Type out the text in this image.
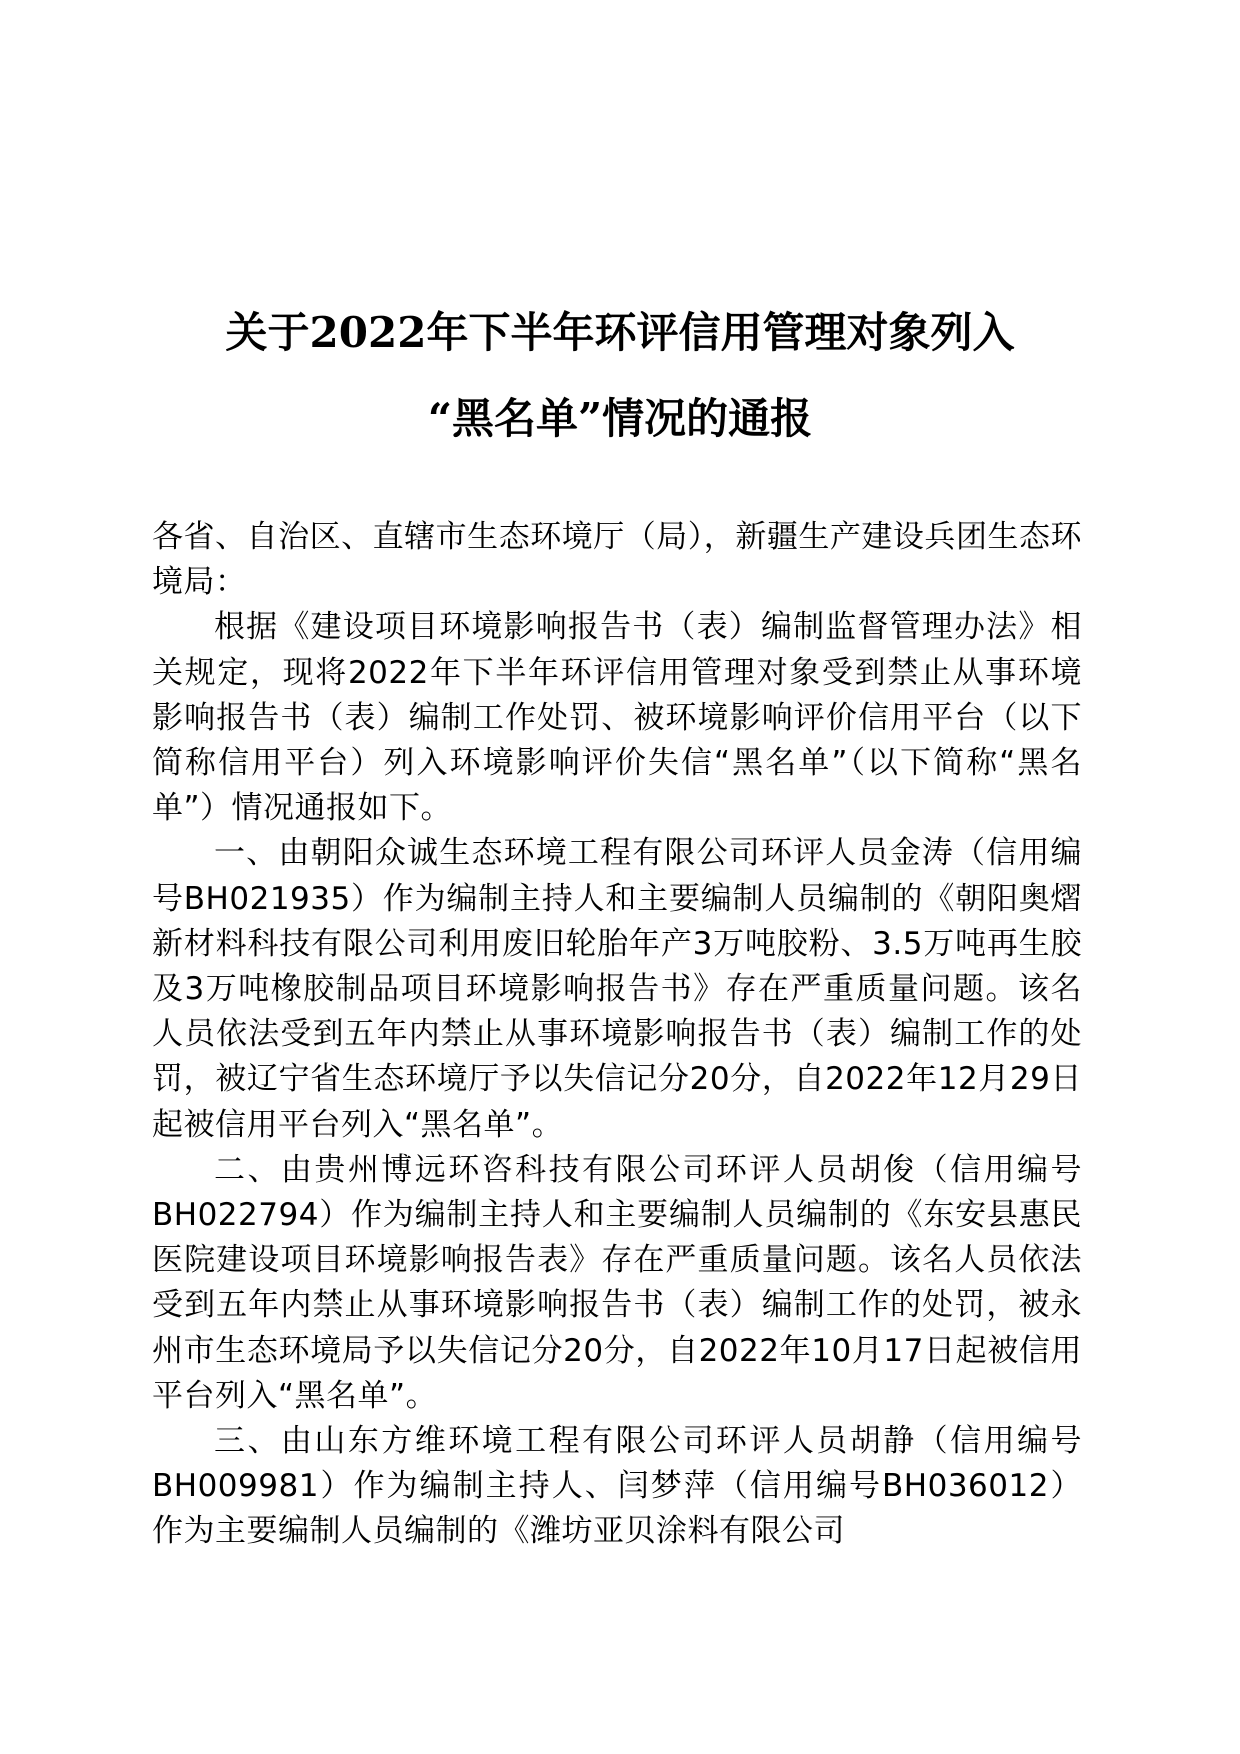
关于2022年下半年环评信用管理对象列入
“黑名单”情况的通报

各省、自治区、直辖市生态环境厅（局），新疆生产建设兵团生态环境局：

根据《建设项目环境影响报告书（表）编制监督管理办法》相关规定，现将2022年下半年环评信用管理对象受到禁止从事环境影响报告书（表）编制工作处罚、被环境影响评价信用平台（以下简称信用平台）列入环境影响评价失信“黑名单”（以下简称“黑名单”）情况通报如下。

一、由朝阳众诚生态环境工程有限公司环评人员金涛（信用编号BH021935）作为编制主持人和主要编制人员编制的《朝阳奥熠新材料科技有限公司利用废旧轮胎年产3万吨胶粉、3.5万吨再生胶及3万吨橡胶制品项目环境影响报告书》存在严重质量问题。该名人员依法受到五年内禁止从事环境影响报告书（表）编制工作的处罚，被辽宁省生态环境厅予以失信记分20分，自2022年12月29日起被信用平台列入“黑名单”。

二、由贵州博远环咨科技有限公司环评人员胡俊（信用编号BH022794）作为编制主持人和主要编制人员编制的《东安县惠民医院建设项目环境影响报告表》存在严重质量问题。该名人员依法受到五年内禁止从事环境影响报告书（表）编制工作的处罚，被永州市生态环境局予以失信记分20分，自2022年10月17日起被信用平台列入“黑名单”。

三、由山东方维环境工程有限公司环评人员胡静（信用编号BH009981）作为编制主持人、闫梦萍（信用编号BH036012）作为主要编制人员编制的《潍坊亚贝涂料有限公司
